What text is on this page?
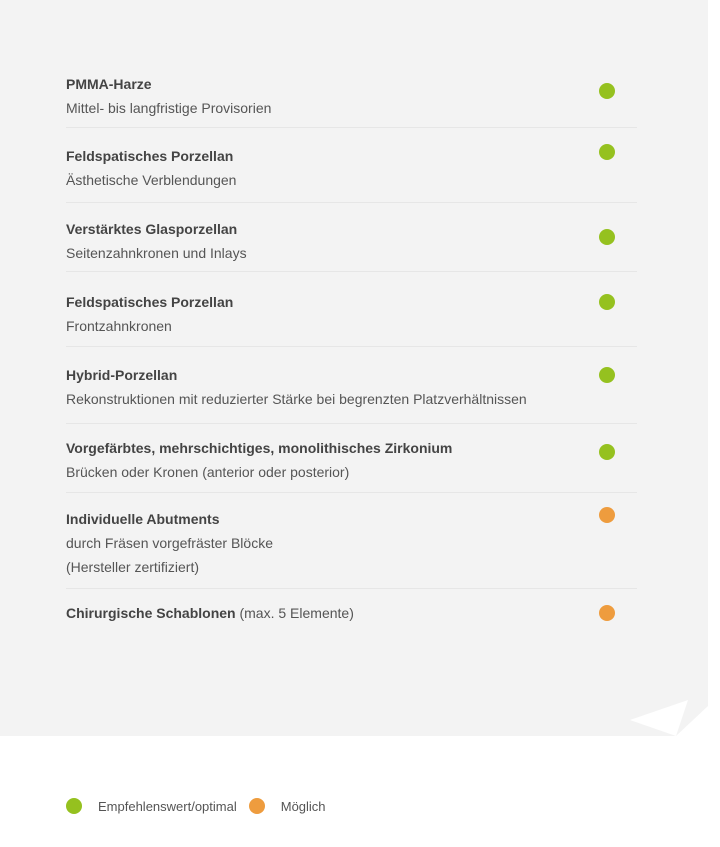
PMMA-Harze
Mittel- bis langfristige Provisorien
Feldspatisches Porzellan
Ästhetische Verblendungen
Verstärktes Glasporzellan
Seitenzahnkronen und Inlays
Feldspatisches Porzellan
Frontzahnkronen
Hybrid-Porzellan
Rekonstruktionen mit reduzierter Stärke bei begrenzten Platzverhältnissen
Vorgefärbtes, mehrschichtiges, monolithisches Zirkonium
Brücken oder Kronen (anterior oder posterior)
Individuelle Abutments
durch Fräsen vorgefräster Blöcke
(Hersteller zertifiziert)
Chirurgische Schablonen (max. 5 Elemente)
Empfehlenswert/optimal	Möglich
